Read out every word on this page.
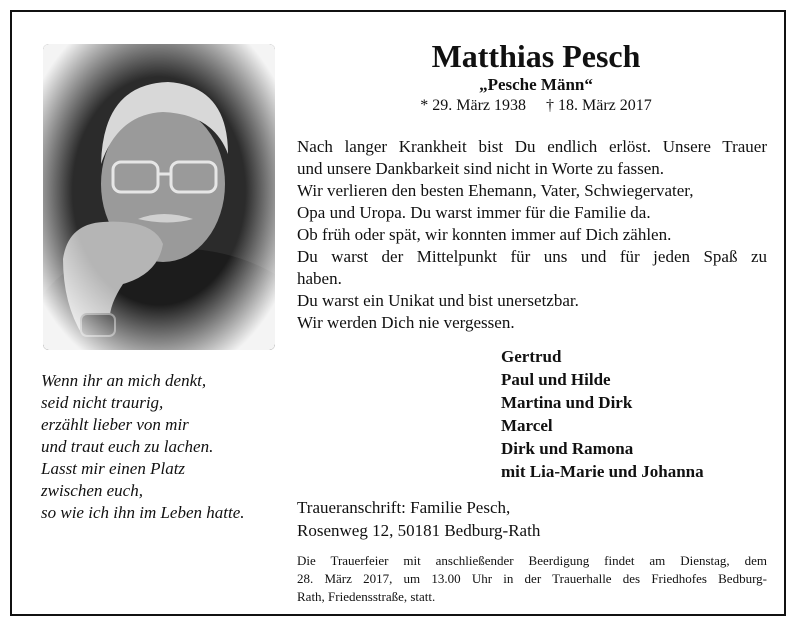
Wenn ihr an mich denkt,
seid nicht traurig,
erzählt lieber von mir
und traut euch zu lachen.
Lasst mir einen Platz
zwischen euch,
so wie ich ihn im Leben hatte.
Matthias Pesch
„Pesche Männ“
* 29. März 1938 † 18. März 2017
Nach langer Krankheit bist Du endlich erlöst. Unsere Trauer
und unsere Dankbarkeit sind nicht in Worte zu fassen.
Wir verlieren den besten Ehemann, Vater, Schwiegervater,
Opa und Uropa. Du warst immer für die Familie da.
Ob früh oder spät, wir konnten immer auf Dich zählen.
Du warst der Mittelpunkt für uns und für jeden Spaß zu
haben.
Du warst ein Unikat und bist unersetzbar.
Wir werden Dich nie vergessen.
Gertrud
Paul und Hilde
Martina und Dirk
Marcel
Dirk und Ramona
mit Lia-Marie und Johanna
Traueranschrift: Familie Pesch,
Rosenweg 12, 50181 Bedburg-Rath
Die Trauerfeier mit anschließender Beerdigung findet am Dienstag, dem
28. März 2017, um 13.00 Uhr in der Trauerhalle des Friedhofes Bedburg-
Rath, Friedensstraße, statt.
